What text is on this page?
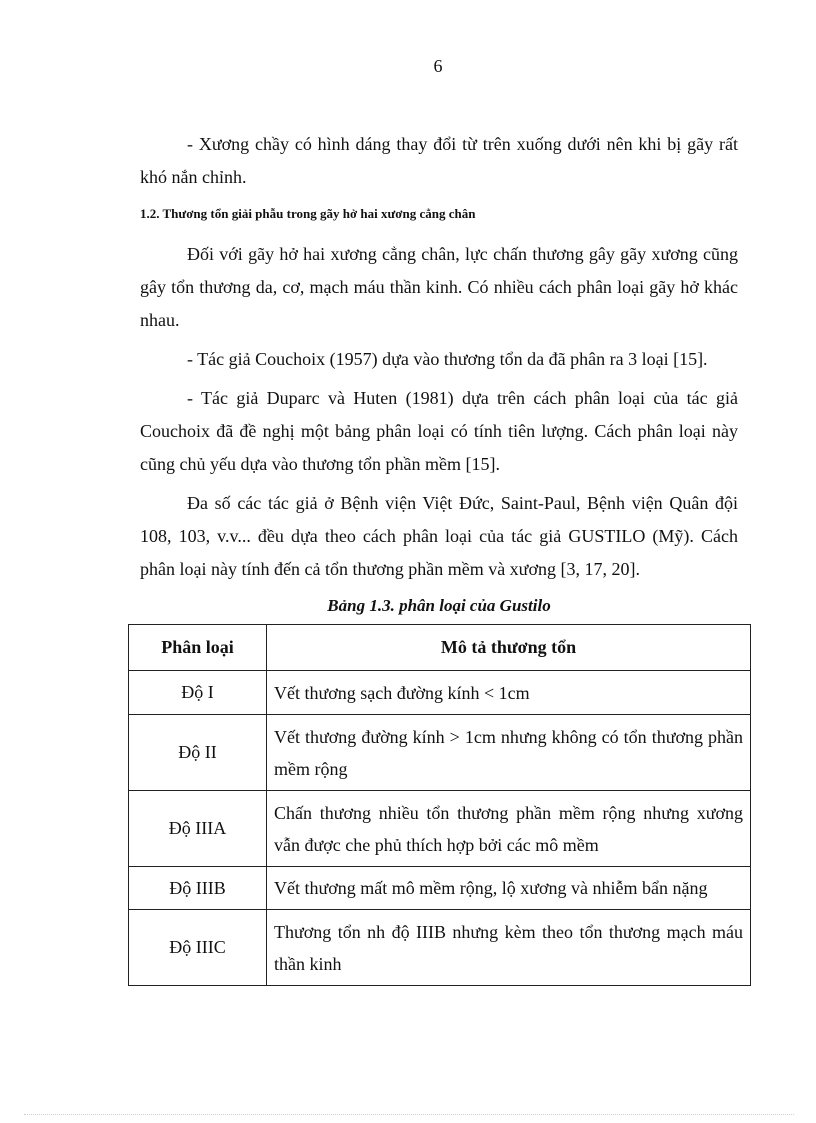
6

- Xương chầy có hình dáng thay đổi từ trên xuống dưới nên khi bị gãy rất khó nắn chỉnh.

1.2. Thương tổn giải phẫu trong gãy hở hai xương cẳng chân

Đối với gãy hở hai xương cẳng chân, lực chấn thương gây gãy xương cũng gây tổn thương da, cơ, mạch máu thần kinh. Có nhiều cách phân loại gãy hở khác nhau.

- Tác giả Couchoix (1957) dựa vào thương tổn da đã phân ra 3 loại [15].

- Tác giả Duparc và Huten (1981) dựa trên cách phân loại của tác giả Couchoix đã đề nghị một bảng phân loại có tính tiên lượng. Cách phân loại này cũng chủ yếu dựa vào thương tổn phần mềm [15].

Đa số các tác giả ở Bệnh viện Việt Đức, Saint-Paul, Bệnh viện Quân đội 108, 103, v.v... đều dựa theo cách phân loại của tác giả GUSTILO (Mỹ). Cách phân loại này tính đến cả tổn thương phần mềm và xương [3, 17, 20].

Bảng 1.3. phân loại của Gustilo
Phân loại	Mô tả thương tổn
Độ I	Vết thương sạch đường kính < 1cm
Độ II	Vết thương đường kính > 1cm nhưng không có tổn thương phần mềm rộng
Độ IIIA	Chấn thương nhiều tổn thương phần mềm rộng nhưng xương vẫn được che phủ thích hợp bởi các mô mềm
Độ IIIB	Vết thương mất mô mềm rộng, lộ xương và nhiễm bẩn nặng
Độ IIIC	Thương tổn nh độ IIIB nhưng kèm theo tổn thương mạch máu thần kinh
